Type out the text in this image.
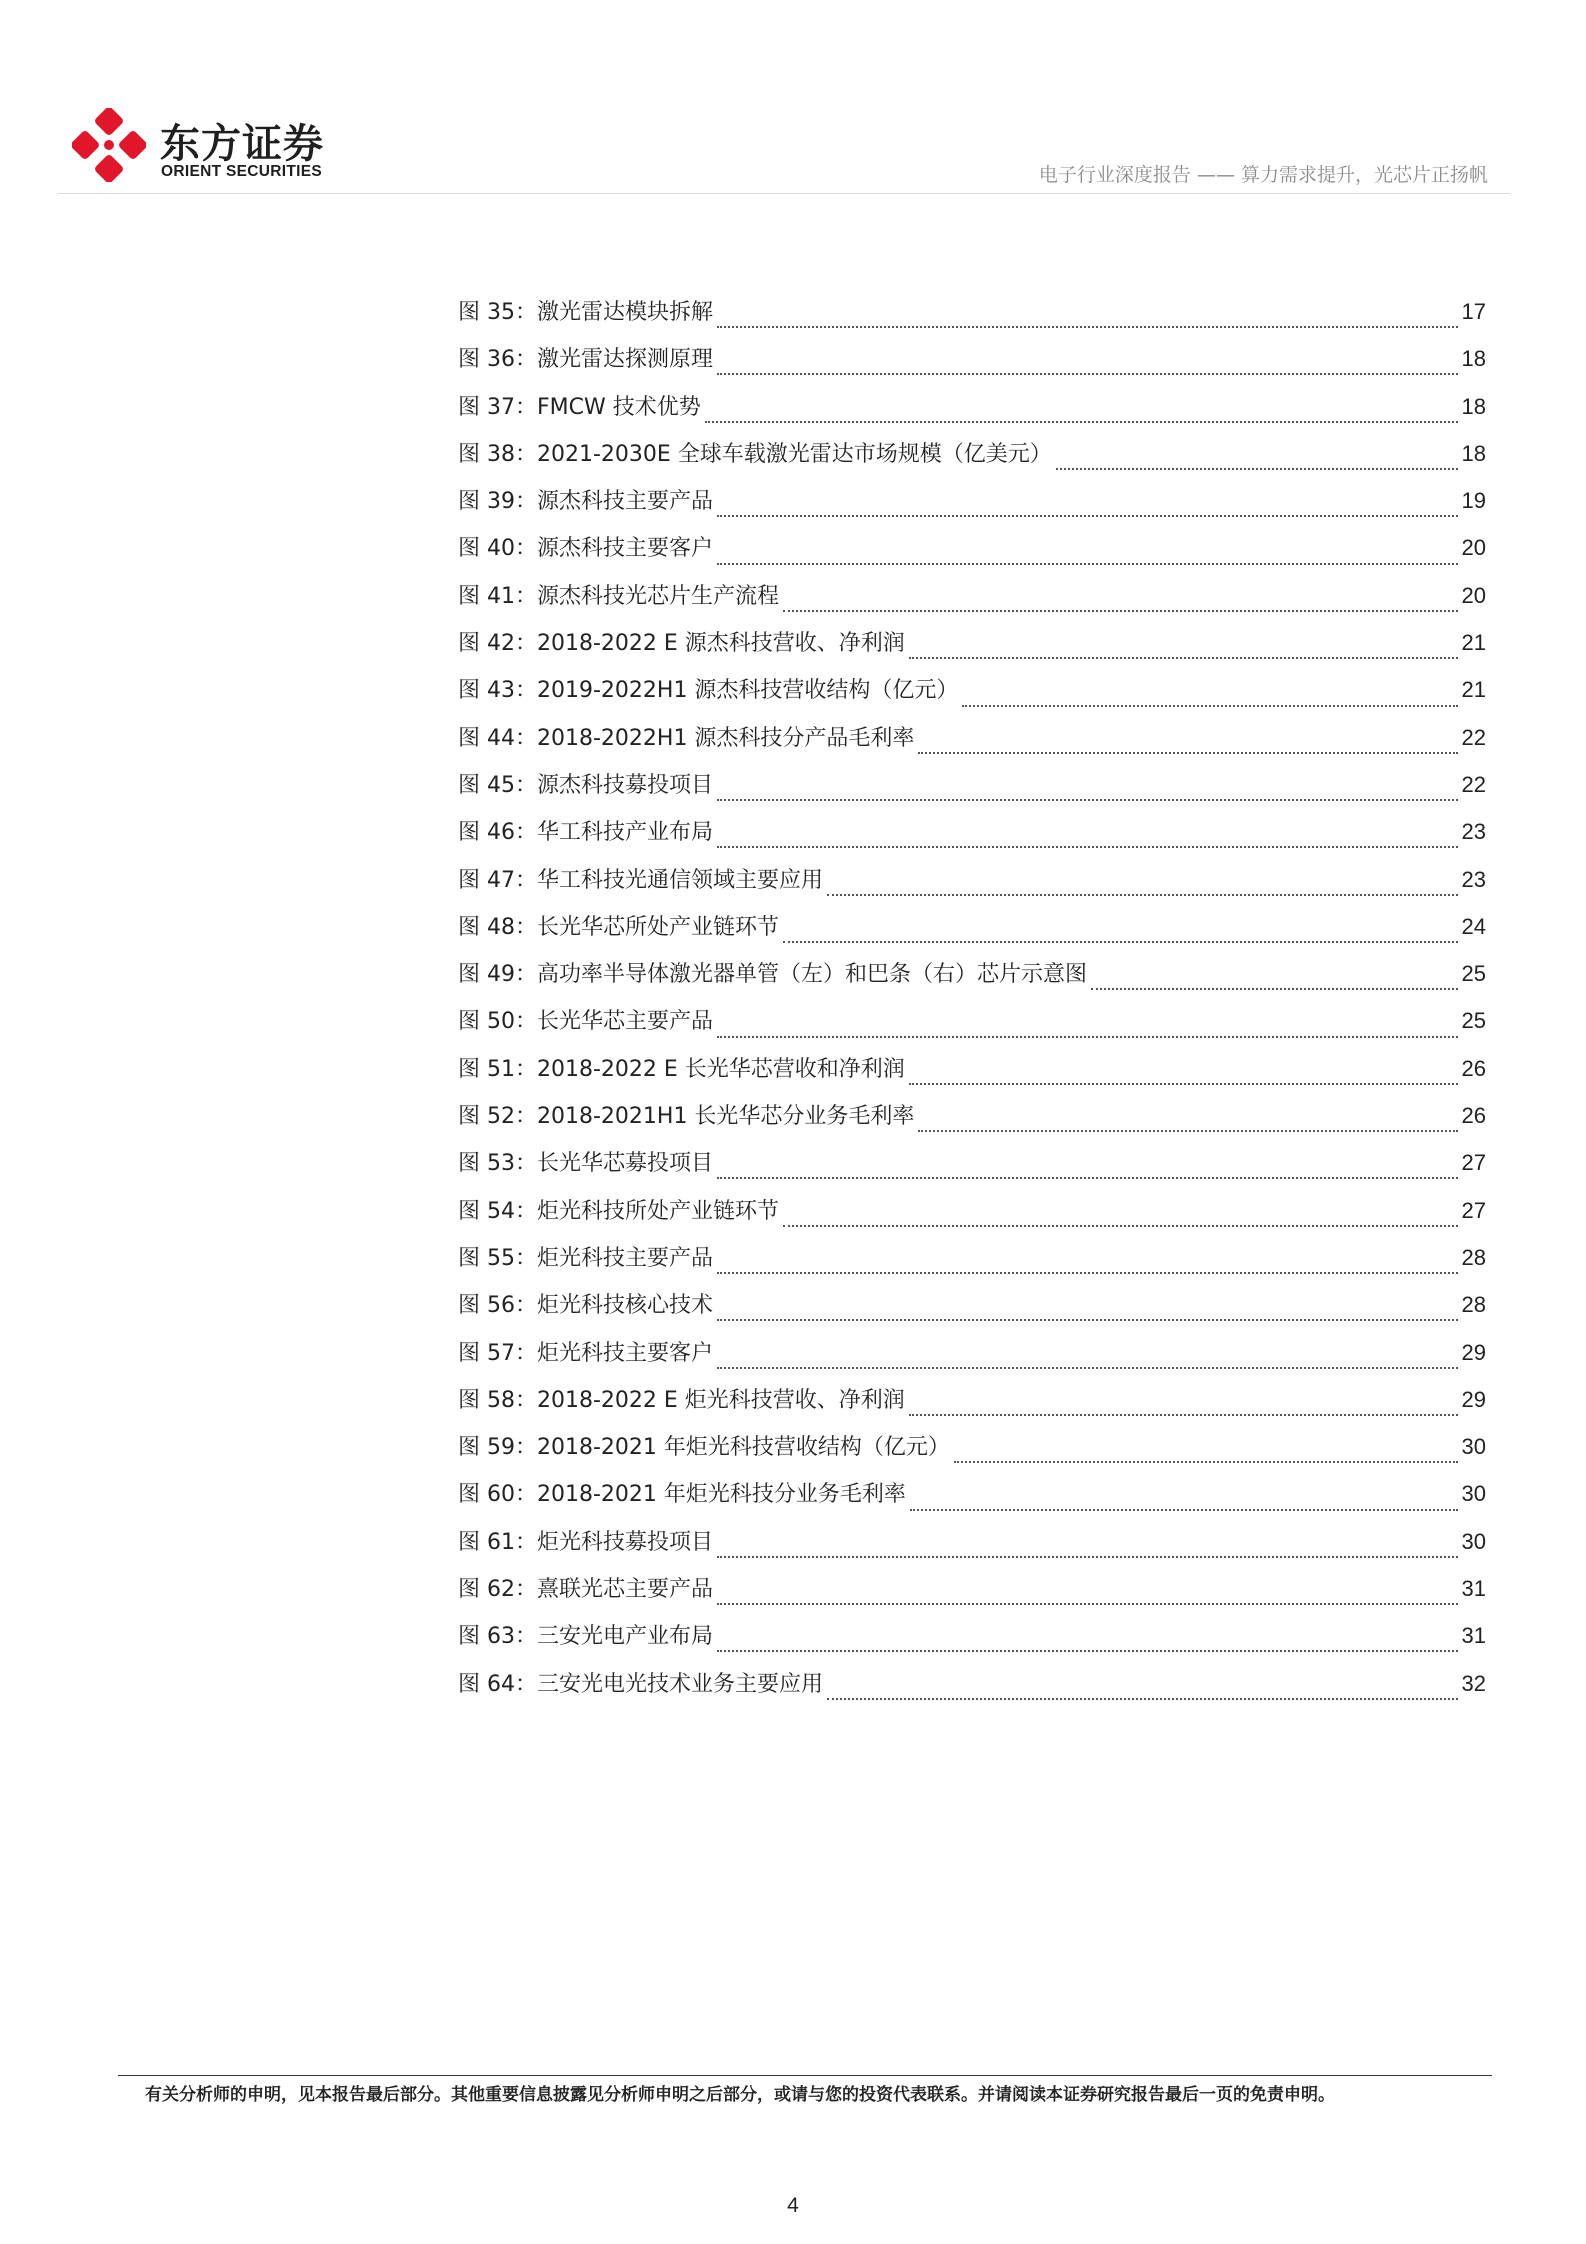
东方证券
ORIENT SECURITIES	电子行业深度报告 —— 算力需求提升，光芯片正扬帆
图 35：激光雷达模块拆解	17
图 36：激光雷达探测原理	18
图 37：FMCW 技术优势	18
图 38：2021-2030E 全球车载激光雷达市场规模（亿美元）	18
图 39：源杰科技主要产品	19
图 40：源杰科技主要客户	20
图 41：源杰科技光芯片生产流程	20
图 42：2018-2022 E 源杰科技营收、净利润	21
图 43：2019-2022H1 源杰科技营收结构（亿元）	21
图 44：2018-2022H1 源杰科技分产品毛利率	22
图 45：源杰科技募投项目	22
图 46：华工科技产业布局	23
图 47：华工科技光通信领域主要应用	23
图 48：长光华芯所处产业链环节	24
图 49：高功率半导体激光器单管（左）和巴条（右）芯片示意图	25
图 50：长光华芯主要产品	25
图 51：2018-2022 E 长光华芯营收和净利润	26
图 52：2018-2021H1 长光华芯分业务毛利率	26
图 53：长光华芯募投项目	27
图 54：炬光科技所处产业链环节	27
图 55：炬光科技主要产品	28
图 56：炬光科技核心技术	28
图 57：炬光科技主要客户	29
图 58：2018-2022 E 炬光科技营收、净利润	29
图 59：2018-2021 年炬光科技营收结构（亿元）	30
图 60：2018-2021 年炬光科技分业务毛利率	30
图 61：炬光科技募投项目	30
图 62：熹联光芯主要产品	31
图 63：三安光电产业布局	31
图 64：三安光电光技术业务主要应用	32
有关分析师的申明，见本报告最后部分。其他重要信息披露见分析师申明之后部分，或请与您的投资代表联系。并请阅读本证券研究报告最后一页的免责申明。
4
